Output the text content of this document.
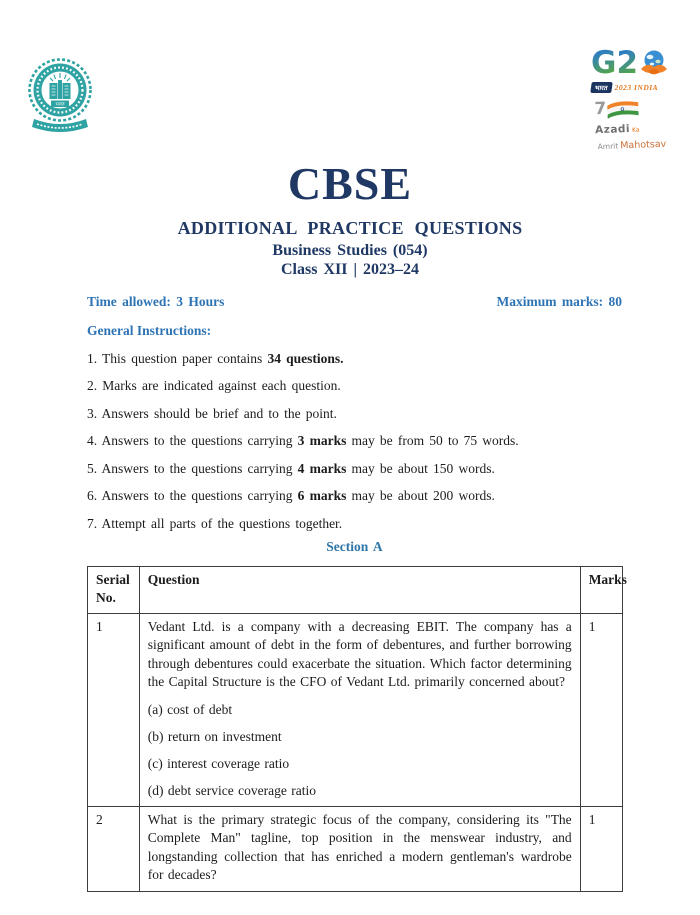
भारत
G 2
भारत 2023 INDIA
7
Azadi Ka
Amrit Mahotsav
CBSE
ADDITIONAL PRACTICE QUESTIONS
Business Studies (054)
Class XII | 2023–24
Time allowed: 3 Hours	Maximum marks: 80
General Instructions:
1. This question paper contains 34 questions.
2. Marks are indicated against each question.
3. Answers should be brief and to the point.
4. Answers to the questions carrying 3 marks may be from 50 to 75 words.
5. Answers to the questions carrying 4 marks may be about 150 words.
6. Answers to the questions carrying 6 marks may be about 200 words.
7. Attempt all parts of the questions together.
Section A
Serial No.	Question	Marks

1	Vedant Ltd. is a company with a decreasing EBIT. The company has a significant amount of debt in the form of debentures, and further borrowing through debentures could exacerbate the situation. Which factor determining the Capital Structure is the CFO of Vedant Ltd. primarily concerned about?
(a) cost of debt
(b) return on investment
(c) interest coverage ratio
(d) debt service coverage ratio	1

2	What is the primary strategic focus of the company, considering its "The Complete Man" tagline, top position in the menswear industry, and longstanding collection that has enriched a modern gentleman's wardrobe for decades?	1
